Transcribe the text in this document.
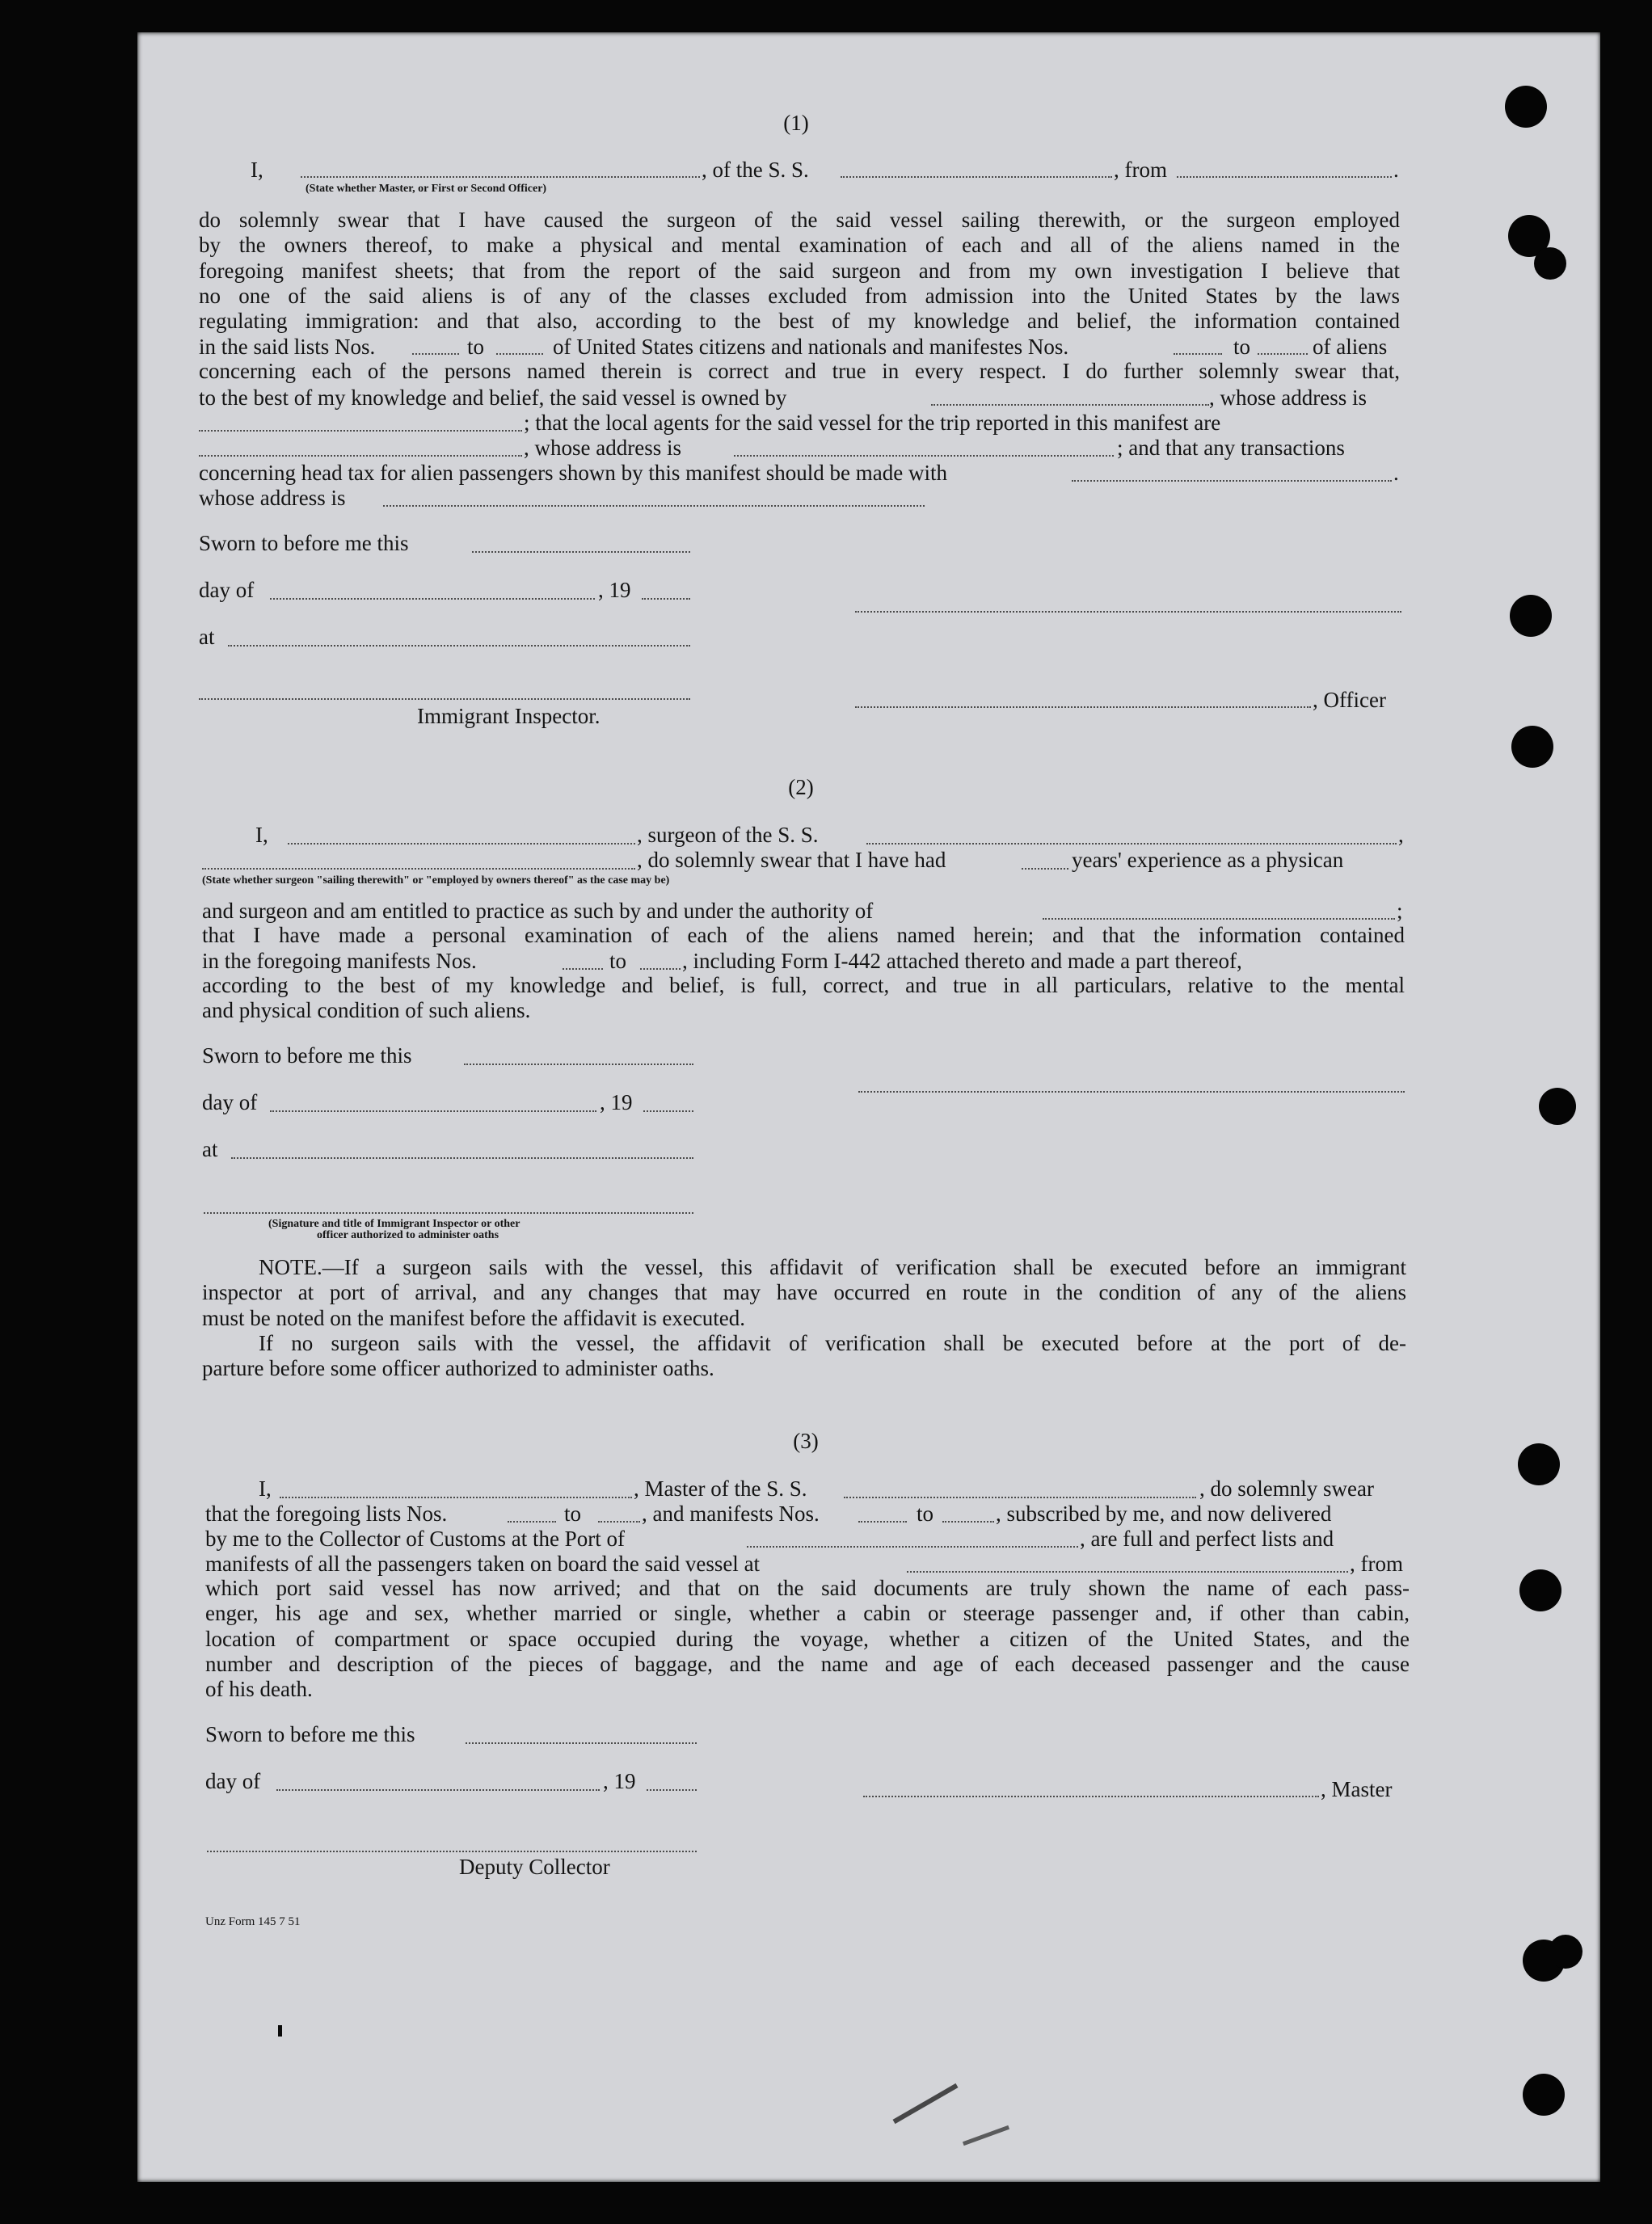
(1)
I,	, of the S. S.	, from	.
(State whether Master, or First or Second Officer)
do solemnly swear that I have caused the surgeon of the said vessel sailing therewith, or the surgeon employed
by the owners thereof, to make a physical and mental examination of each and all of the aliens named in the
foregoing manifest sheets; that from the report of the said surgeon and from my own investigation I believe that
no one of the said aliens is of any of the classes excluded from admission into the United States by the laws
regulating immigration: and that also, according to the best of my knowledge and belief, the information contained
in the said lists Nos.	to	of United States citizens and nationals and manifestes Nos.	to	of aliens
concerning each of the persons named therein is correct and true in every respect. I do further solemnly swear that,
to the best of my knowledge and belief, the said vessel is owned by	, whose address is
; that the local agents for the said vessel for the trip reported in this manifest are
, whose address is	; and that any transactions
concerning head tax for alien passengers shown by this manifest should be made with	.
whose address is
Sworn to before me this
day of	, 19
at
Immigrant Inspector.
, Officer
(2)
I,	, surgeon of the S. S.	,
, do solemnly swear that I have had	years' experience as a physican
(State whether surgeon "sailing therewith" or "employed by owners thereof" as the case may be)
and surgeon and am entitled to practice as such by and under the authority of	;
that I have made a personal examination of each of the aliens named herein; and that the information contained
in the foregoing manifests Nos.	to	, including Form I-442 attached thereto and made a part thereof,
according to the best of my knowledge and belief, is full, correct, and true in all particulars, relative to the mental
and physical condition of such aliens.
Sworn to before me this
day of	, 19
at
(Signature and title of Immigrant Inspector or other
officer authorized to administer oaths
NOTE.—If a surgeon sails with the vessel, this affidavit of verification shall be executed before an immigrant
inspector at port of arrival, and any changes that may have occurred en route in the condition of any of the aliens
must be noted on the manifest before the affidavit is executed.
If no surgeon sails with the vessel, the affidavit of verification shall be executed before at the port of de-
parture before some officer authorized to administer oaths.
(3)
I,	, Master of the S. S.	, do solemnly swear
that the foregoing lists Nos.	to	, and manifests Nos.	to	, subscribed by me, and now delivered
by me to the Collector of Customs at the Port of	, are full and perfect lists and
manifests of all the passengers taken on board the said vessel at	, from
which port said vessel has now arrived; and that on the said documents are truly shown the name of each pass-
enger, his age and sex, whether married or single, whether a cabin or steerage passenger and, if other than cabin,
location of compartment or space occupied during the voyage, whether a citizen of the United States, and the
number and description of the pieces of baggage, and the name and age of each deceased passenger and the cause
of his death.
Sworn to before me this
day of	, 19	, Master
Deputy Collector
Unz Form 145 7 51
